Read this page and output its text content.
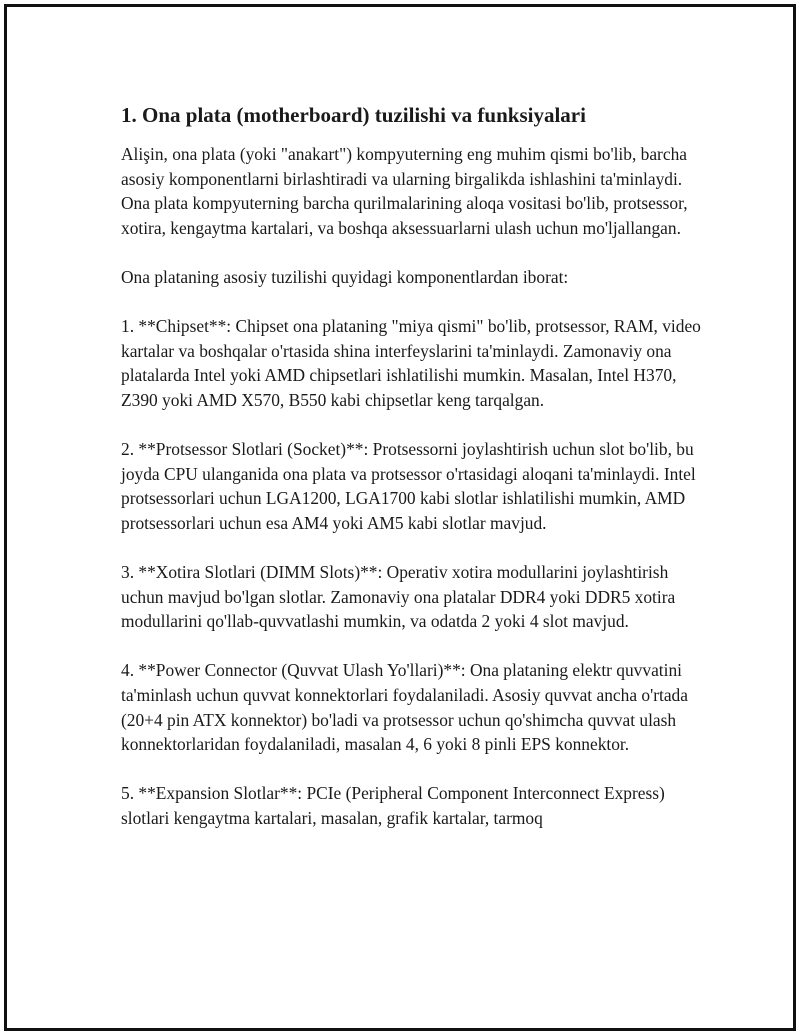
1. Ona plata (motherboard) tuzilishi va funksiyalari

Alişin, ona plata (yoki "anakart") kompyuterning eng muhim qismi bo'lib, barcha asosiy komponentlarni birlashtiradi va ularning birgalikda ishlashini ta'minlaydi. Ona plata kompyuterning barcha qurilmalarining aloqa vositasi bo'lib, protsessor, xotira, kengaytma kartalari, va boshqa aksessuarlarni ulash uchun mo'ljallangan.

Ona plataning asosiy tuzilishi quyidagi komponentlardan iborat:

1. **Chipset**: Chipset ona plataning "miya qismi" bo'lib, protsessor, RAM, video kartalar va boshqalar o'rtasida shina interfeyslarini ta'minlaydi. Zamonaviy ona platalarda Intel yoki AMD chipsetlari ishlatilishi mumkin. Masalan, Intel H370, Z390 yoki AMD X570, B550 kabi chipsetlar keng tarqalgan.

2. **Protsessor Slotlari (Socket)**: Protsessorni joylashtirish uchun slot bo'lib, bu joyda CPU ulanganida ona plata va protsessor o'rtasidagi aloqani ta'minlaydi. Intel protsessorlari uchun LGA1200, LGA1700 kabi slotlar ishlatilishi mumkin, AMD protsessorlari uchun esa AM4 yoki AM5 kabi slotlar mavjud.

3. **Xotira Slotlari (DIMM Slots)**: Operativ xotira modullarini joylashtirish uchun mavjud bo'lgan slotlar. Zamonaviy ona platalar DDR4 yoki DDR5 xotira modullarini qo'llab-quvvatlashi mumkin, va odatda 2 yoki 4 slot mavjud.

4. **Power Connector (Quvvat Ulash Yo'llari)**: Ona plataning elektr quvvatini ta'minlash uchun quvvat konnektorlari foydalaniladi. Asosiy quvvat ancha o'rtada (20+4 pin ATX konnektor) bo'ladi va protsessor uchun qo'shimcha quvvat ulash konnektorlaridan foydalaniladi, masalan 4, 6 yoki 8 pinli EPS konnektor.

5. **Expansion Slotlar**: PCIe (Peripheral Component Interconnect Express) slotlari kengaytma kartalari, masalan, grafik kartalar, tarmoq
